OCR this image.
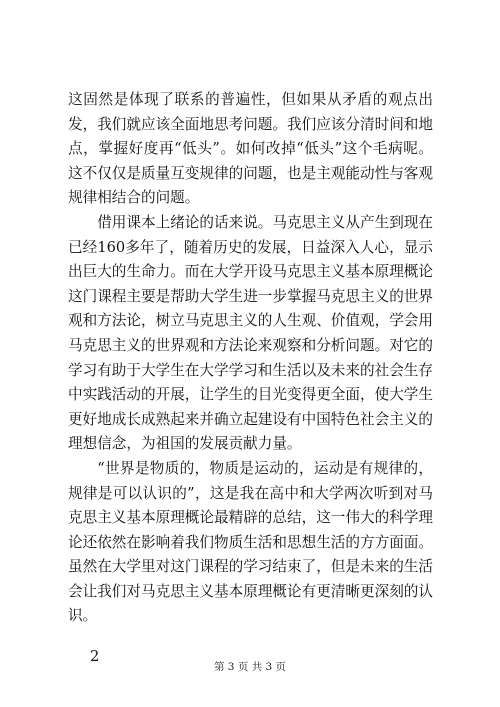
这固然是体现了联系的普遍性，但如果从矛盾的观点出发，我们就应该全面地思考问题。我们应该分清时间和地点，掌握好度再“低头”。如何改掉“低头”这个毛病呢。这不仅仅是质量互变规律的问题，也是主观能动性与客观规律相结合的问题。

借用课本上绪论的话来说。马克思主义从产生到现在已经160多年了，随着历史的发展，日益深入人心，显示出巨大的生命力。而在大学开设马克思主义基本原理概论这门课程主要是帮助大学生进一步掌握马克思主义的世界观和方法论，树立马克思主义的人生观、价值观，学会用马克思主义的世界观和方法论来观察和分析问题。对它的学习有助于大学生在大学学习和生活以及未来的社会生存中实践活动的开展，让学生的目光变得更全面，使大学生更好地成长成熟起来并确立起建设有中国特色社会主义的理想信念，为祖国的发展贡献力量。

“世界是物质的，物质是运动的，运动是有规律的，规律是可以认识的”，这是我在高中和大学两次听到对马克思主义基本原理概论最精辟的总结，这一伟大的科学理论还依然在影响着我们物质生活和思想生活的方方面面。虽然在大学里对这门课程的学习结束了，但是未来的生活会让我们对马克思主义基本原理概论有更清晰更深刻的认识。

2
第 3 页 共 3 页
